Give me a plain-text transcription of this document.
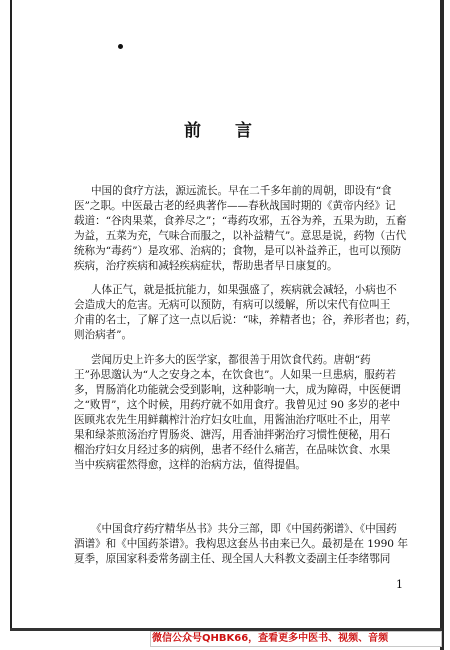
前 言
中国的食疗方法，源远流长。早在二千多年前的周朝，即设有“食
医”之职。中医最古老的经典著作——春秋战国时期的《黄帝内经》记
载道：“谷肉果菜，食养尽之”；“毒药攻邪，五谷为养，五果为助，五畜
为益，五菜为充，气味合而服之，以补益精气”。意思是说，药物（古代
统称为“毒药”）是攻邪、治病的；食物，是可以补益养正，也可以预防
疾病，治疗疾病和减轻疾病症状，帮助患者早日康复的。
人体正气，就是抵抗能力，如果强盛了，疾病就会减轻，小病也不
会造成大的危害。无病可以预防，有病可以缓解，所以宋代有位叫王
介甫的名士，了解了这一点以后说：“味，养精者也；谷，养形者也；药，
则治病者”。
尝闻历史上许多大的医学家，都很善于用饮食代药。唐朝“药
王”孙思邈认为“人之安身之本，在饮食也”。人如果一旦患病，服药若
多，胃肠消化功能就会受到影响，这种影响一大，成为障碍，中医便谓
之“败胃”，这个时候，用药疗就不如用食疗。我曾见过 90 多岁的老中
医顾兆农先生用鲜藕榨汁治疗妇女吐血，用酱油治疗呕吐不止，用苹
果和绿茶煎汤治疗胃肠炎、溏泻，用香油拌粥治疗习惯性便秘，用石
榴治疗妇女月经过多的病例，患者不经什么痛苦，在品味饮食、水果
当中疾病霍然得愈，这样的治病方法，值得提倡。
《中国食疗药疗精华丛书》共分三部，即《中国药粥谱》、《中国药
酒谱》和《中国药茶谱》。我构思这套丛书由来已久。最初是在 1990 年
夏季，原国家科委常务副主任、现全国人大科教文委副主任李绪鄂同
1
微信公众号QHBK66，查看更多中医书、视频、音频
